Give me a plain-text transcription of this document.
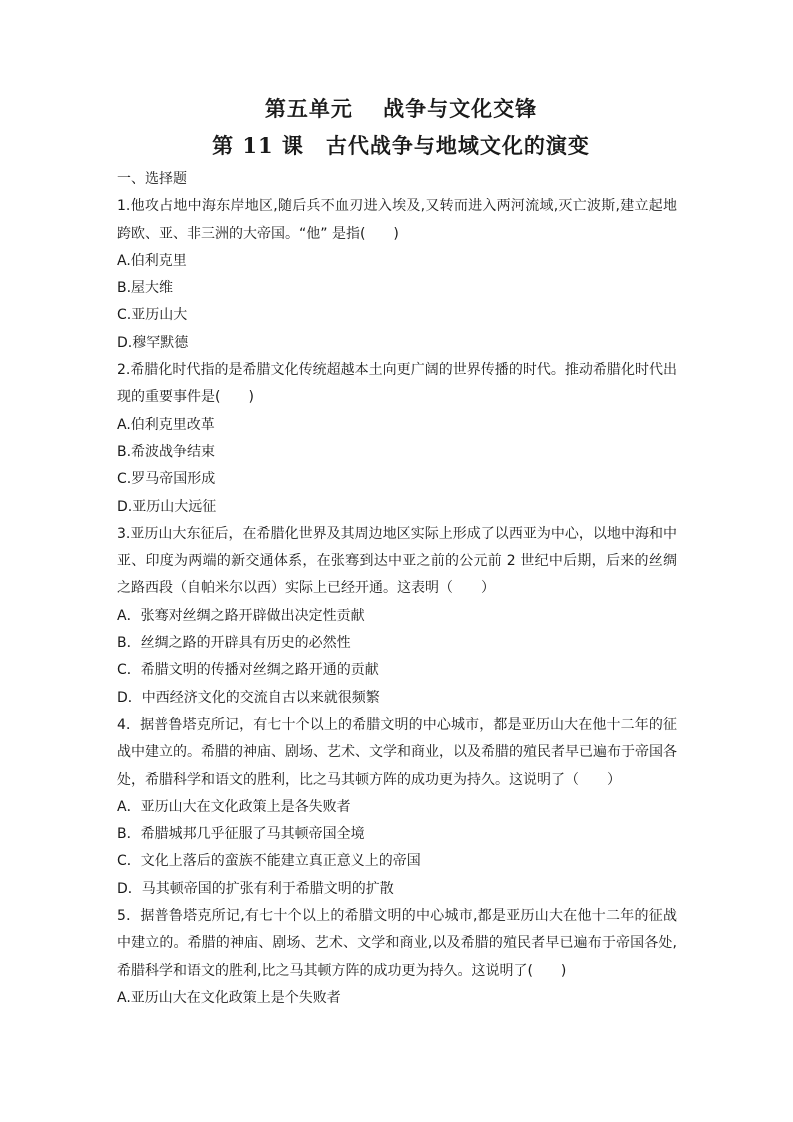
第五单元　 战争与文化交锋
第 11 课　古代战争与地域文化的演变

一、选择题

1.他攻占地中海东岸地区,随后兵不血刃进入埃及,又转而进入两河流域,灭亡波斯,建立起地跨欧、亚、非三洲的大帝国。“他” 是指(　　)

A.伯利克里

B.屋大维

C.亚历山大

D.穆罕默德

2.希腊化时代指的是希腊文化传统超越本土向更广阔的世界传播的时代。推动希腊化时代出现的重要事件是(　　)

A.伯利克里改革

B.希波战争结束

C.罗马帝国形成

D.亚历山大远征

3.亚历山大东征后，在希腊化世界及其周边地区实际上形成了以西亚为中心，以地中海和中亚、印度为两端的新交通体系，在张骞到达中亚之前的公元前 2 世纪中后期，后来的丝绸之路西段（自帕米尔以西）实际上已经开通。这表明（　　）

A．张骞对丝绸之路开辟做出决定性贡献

B．丝绸之路的开辟具有历史的必然性

C．希腊文明的传播对丝绸之路开通的贡献

D．中西经济文化的交流自古以来就很频繁

4．据普鲁塔克所记，有七十个以上的希腊文明的中心城市，都是亚历山大在他十二年的征战中建立的。希腊的神庙、剧场、艺术、文学和商业，以及希腊的殖民者早已遍布于帝国各处，希腊科学和语文的胜利，比之马其顿方阵的成功更为持久。这说明了（　　）

A．亚历山大在文化政策上是各失败者

B．希腊城邦几乎征服了马其顿帝国全境

C．文化上落后的蛮族不能建立真正意义上的帝国

D．马其顿帝国的扩张有利于希腊文明的扩散

5．据普鲁塔克所记,有七十个以上的希腊文明的中心城市,都是亚历山大在他十二年的征战中建立的。希腊的神庙、剧场、艺术、文学和商业,以及希腊的殖民者早已遍布于帝国各处,希腊科学和语文的胜利,比之马其顿方阵的成功更为持久。这说明了(　　)

A.亚历山大在文化政策上是个失败者
